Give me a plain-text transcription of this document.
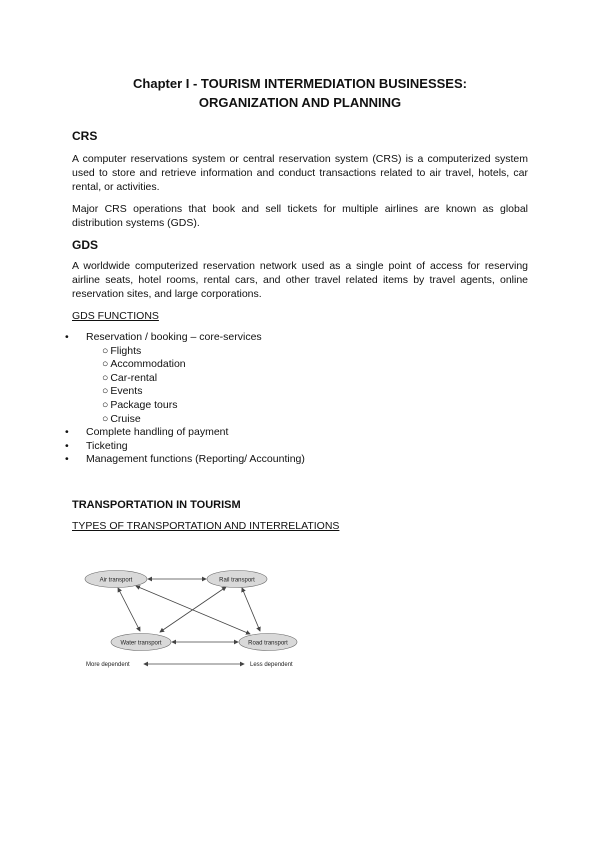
Chapter I - TOURISM INTERMEDIATION BUSINESSES:
ORGANIZATION AND PLANNING
CRS

A computer reservations system or central reservation system (CRS) is a computerized system used to store and retrieve information and conduct transactions related to air travel, hotels, car rental, or activities.

Major CRS operations that book and sell tickets for multiple airlines are known as global distribution systems (GDS).

GDS

A worldwide computerized reservation network used as a single point of access for reserving airline seats, hotel rooms, rental cars, and other travel related items by travel agents, online reservation sites, and large corporations.

GDS FUNCTIONS
• Reservation / booking – core-services
○ Flights
○ Accommodation
○ Car-rental
○ Events
○ Package tours
○ Cruise
• Complete handling of payment
• Ticketing
• Management functions (Reporting/ Accounting)
TRANSPORTATION IN TOURISM
TYPES OF TRANSPORTATION AND INTERRELATIONS
Air transport	Rail transport
Water transport	Road transport
More dependent	Less dependent
